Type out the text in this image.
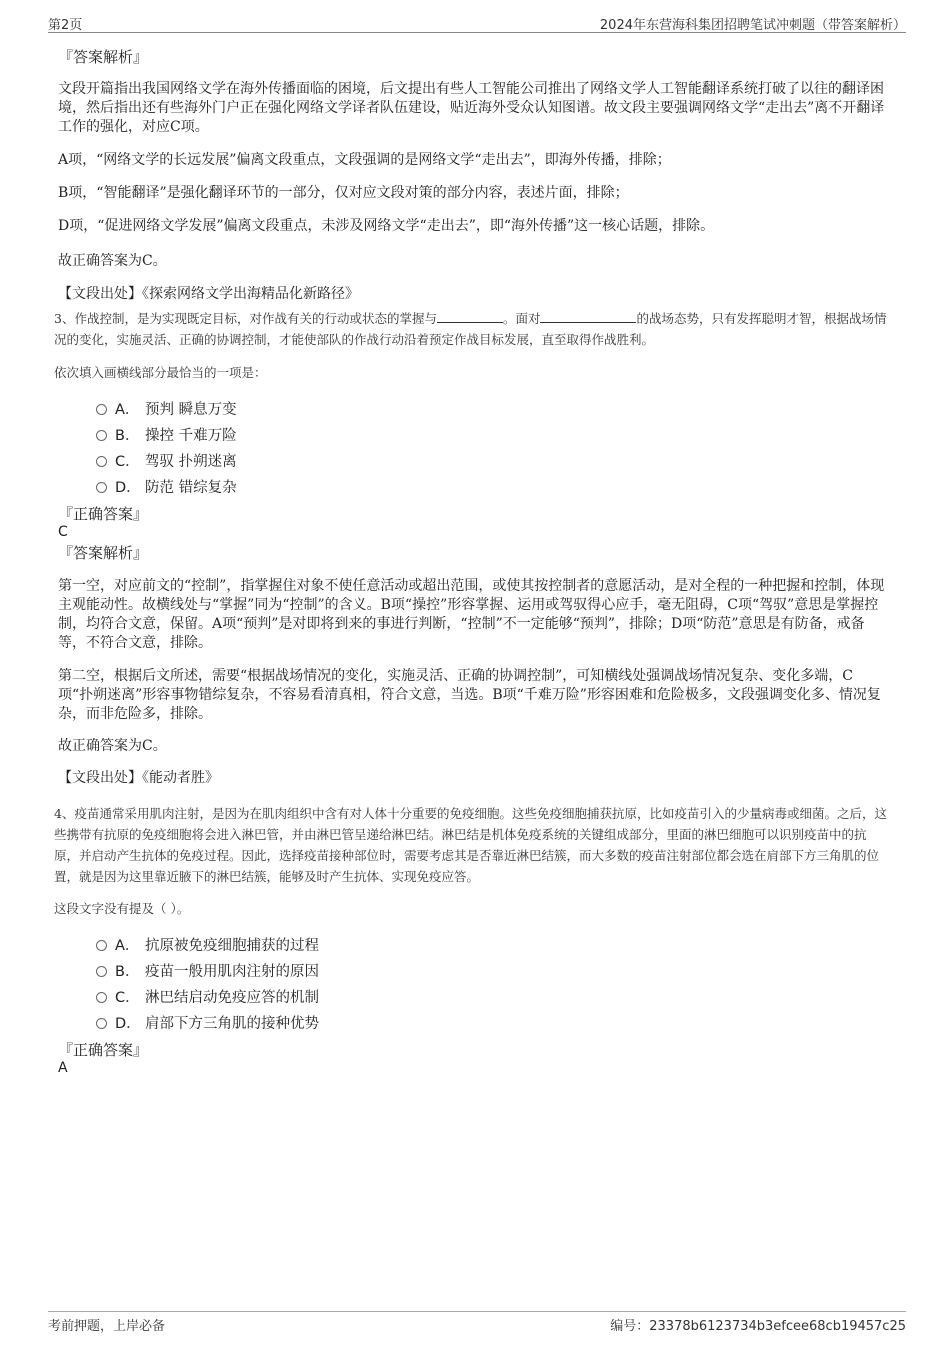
第2页	2024年东营海科集团招聘笔试冲刺题（带答案解析）
『答案解析』
文段开篇指出我国网络文学在海外传播面临的困境，后文提出有些人工智能公司推出了网络文学人工智能翻译系统打破了以往的翻译困境，然后指出还有些海外门户正在强化网络文学译者队伍建设，贴近海外受众认知图谱。故文段主要强调网络文学“走出去”离不开翻译工作的强化，对应C项。
A项，“网络文学的长远发展”偏离文段重点，文段强调的是网络文学“走出去”，即海外传播，排除；
B项，“智能翻译”是强化翻译环节的一部分，仅对应文段对策的部分内容，表述片面，排除；
D项，“促进网络文学发展”偏离文段重点，未涉及网络文学“走出去”，即“海外传播”这一核心话题，排除。
故正确答案为C。
【文段出处】《探索网络文学出海精品化新路径》
3、作战控制，是为实现既定目标，对作战有关的行动或状态的掌握与	。面对	的战场态势，只有发挥聪明才智，根据战场情况的变化，实施灵活、正确的协调控制，才能使部队的作战行动沿着预定作战目标发展，直至取得作战胜利。
依次填入画横线部分最恰当的一项是：
A． 预判 瞬息万变
B． 操控 千难万险
C． 驾驭 扑朔迷离
D． 防范 错综复杂
『正确答案』
C
『答案解析』
第一空，对应前文的“控制”，指掌握住对象不使任意活动或超出范围，或使其按控制者的意愿活动，是对全程的一种把握和控制，体现主观能动性。故横线处与“掌握”同为“控制”的含义。B项“操控”形容掌握、运用或驾驭得心应手，毫无阻碍，C项“驾驭”意思是掌握控制，均符合文意，保留。A项“预判”是对即将到来的事进行判断，“控制”不一定能够“预判”，排除；D项“防范”意思是有防备，戒备等，不符合文意，排除。
第二空，根据后文所述，需要“根据战场情况的变化，实施灵活、正确的协调控制”，可知横线处强调战场情况复杂、变化多端，C项“扑朔迷离”形容事物错综复杂，不容易看清真相，符合文意，当选。B项“千难万险”形容困难和危险极多，文段强调变化多、情况复杂，而非危险多，排除。
故正确答案为C。
【文段出处】《能动者胜》
4、疫苗通常采用肌肉注射，是因为在肌肉组织中含有对人体十分重要的免疫细胞。这些免疫细胞捕获抗原，比如疫苗引入的少量病毒或细菌。之后，这些携带有抗原的免疫细胞将会进入淋巴管，并由淋巴管呈递给淋巴结。淋巴结是机体免疫系统的关键组成部分，里面的淋巴细胞可以识别疫苗中的抗原，并启动产生抗体的免疫过程。因此，选择疫苗接种部位时，需要考虑其是否靠近淋巴结簇，而大多数的疫苗注射部位都会选在肩部下方三角肌的位置，就是因为这里靠近腋下的淋巴结簇，能够及时产生抗体、实现免疫应答。
这段文字没有提及（ ）。
A． 抗原被免疫细胞捕获的过程
B． 疫苗一般用肌肉注射的原因
C． 淋巴结启动免疫应答的机制
D． 肩部下方三角肌的接种优势
『正确答案』
A
考前押题，上岸必备	编号：23378b6123734b3efcee68cb19457c25
